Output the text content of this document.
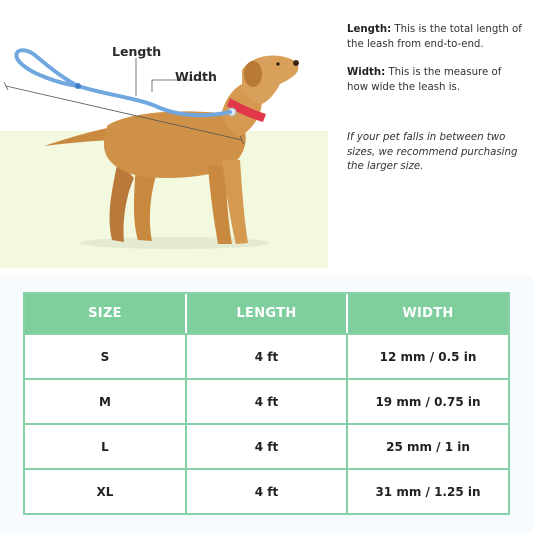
Length
Width
Length: This is the total length of the leash from end-to-end.
Width: This is the measure of how wide the leash is.
If your pet falls in between two sizes, we recommend purchasing the larger size.
SIZE	LENGTH	WIDTH
S	4 ft	12 mm / 0.5 in
M	4 ft	19 mm / 0.75 in
L	4 ft	25 mm / 1 in
XL	4 ft	31 mm / 1.25 in
